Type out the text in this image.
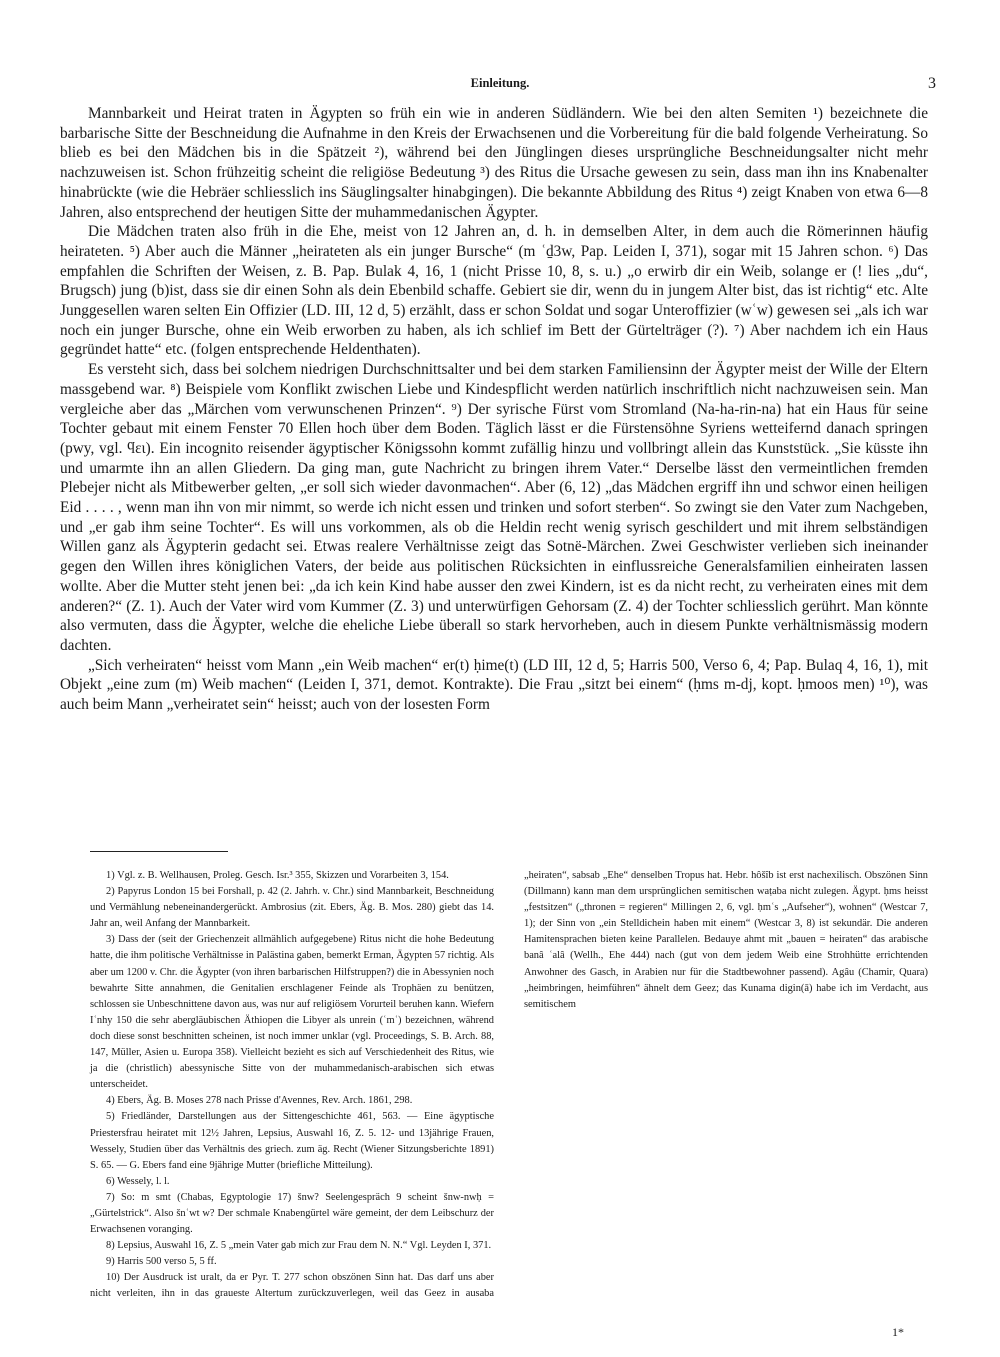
Einleitung.	3

Mannbarkeit und Heirat traten in Ägypten so früh ein wie in anderen Südländern. Wie bei den alten Semiten ¹) bezeichnete die barbarische Sitte der Beschneidung die Aufnahme in den Kreis der Erwachsenen und die Vorbereitung für die bald folgende Verheiratung. So blieb es bei den Mädchen bis in die Spätzeit ²), während bei den Jünglingen dieses ursprüngliche Beschneidungsalter nicht mehr nachzuweisen ist. Schon frühzeitig scheint die religiöse Bedeutung ³) des Ritus die Ursache gewesen zu sein, dass man ihn ins Knabenalter hinabrückte (wie die Hebräer schliesslich ins Säuglingsalter hinabgingen). Die bekannte Abbildung des Ritus ⁴) zeigt Knaben von etwa 6—8 Jahren, also entsprechend der heutigen Sitte der muhammedanischen Ägypter.

Die Mädchen traten also früh in die Ehe, meist von 12 Jahren an, d. h. in demselben Alter, in dem auch die Römerinnen häufig heirateten. ⁵) Aber auch die Männer „heirateten als ein junger Bursche“ (m ʿḏ3w, Pap. Leiden I, 371), sogar mit 15 Jahren schon. ⁶) Das empfahlen die Schriften der Weisen, z. B. Pap. Bulak 4, 16, 1 (nicht Prisse 10, 8, s. u.) „o erwirb dir ein Weib, solange er (! lies „du“, Brugsch) jung (b)ist, dass sie dir einen Sohn als dein Ebenbild schaffe. Gebiert sie dir, wenn du in jungem Alter bist, das ist richtig“ etc. Alte Junggesellen waren selten Ein Offizier (LD. III, 12 d, 5) erzählt, dass er schon Soldat und sogar Unteroffizier (wʿw) gewesen sei „als ich war noch ein junger Bursche, ohne ein Weib erworben zu haben, als ich schlief im Bett der Gürtelträger (?). ⁷) Aber nachdem ich ein Haus gegründet hatte“ etc. (folgen entsprechende Heldenthaten).

Es versteht sich, dass bei solchem niedrigen Durchschnittsalter und bei dem starken Familiensinn der Ägypter meist der Wille der Eltern massgebend war. ⁸) Beispiele vom Konflikt zwischen Liebe und Kindespflicht werden natürlich inschriftlich nicht nachzuweisen sein. Man vergleiche aber das „Märchen vom verwunschenen Prinzen“. ⁹) Der syrische Fürst vom Stromland (Na-ha-rin-na) hat ein Haus für seine Tochter gebaut mit einem Fenster 70 Ellen hoch über dem Boden. Täglich lässt er die Fürstensöhne Syriens wetteifernd danach springen (pwy, vgl. ϥει). Ein incognito reisender ägyptischer Königssohn kommt zufällig hinzu und vollbringt allein das Kunststück. „Sie küsste ihn und umarmte ihn an allen Gliedern. Da ging man, gute Nachricht zu bringen ihrem Vater.“ Derselbe lässt den vermeintlichen fremden Plebejer nicht als Mitbewerber gelten, „er soll sich wieder davonmachen“. Aber (6, 12) „das Mädchen ergriff ihn und schwor einen heiligen Eid . . . . , wenn man ihn von mir nimmt, so werde ich nicht essen und trinken und sofort sterben“. So zwingt sie den Vater zum Nachgeben, und „er gab ihm seine Tochter“. Es will uns vorkommen, als ob die Heldin recht wenig syrisch geschildert und mit ihrem selbständigen Willen ganz als Ägypterin gedacht sei. Etwas realere Verhältnisse zeigt das Sotnë-Märchen. Zwei Geschwister verlieben sich ineinander gegen den Willen ihres königlichen Vaters, der beide aus politischen Rücksichten in einflussreiche Generalsfamilien einheiraten lassen wollte. Aber die Mutter steht jenen bei: „da ich kein Kind habe ausser den zwei Kindern, ist es da nicht recht, zu verheiraten eines mit dem anderen?“ (Z. 1). Auch der Vater wird vom Kummer (Z. 3) und unterwürfigen Gehorsam (Z. 4) der Tochter schliesslich gerührt. Man könnte also vermuten, dass die Ägypter, welche die eheliche Liebe überall so stark hervorheben, auch in diesem Punkte verhältnismässig modern dachten.

„Sich verheiraten“ heisst vom Mann „ein Weib machen“ er(t) ḥime(t) (LD III, 12 d, 5; Harris 500, Verso 6, 4; Pap. Bulaq 4, 16, 1), mit Objekt „eine zum (m) Weib machen“ (Leiden I, 371, demot. Kontrakte). Die Frau „sitzt bei einem“ (ḥms m-dj, kopt. ḥmoos men) ¹⁰), was auch beim Mann „verheiratet sein“ heisst; auch von der losesten Form

1) Vgl. z. B. Wellhausen, Proleg. Gesch. Isr.³ 355, Skizzen und Vorarbeiten 3, 154.

2) Papyrus London 15 bei Forshall, p. 42 (2. Jahrh. v. Chr.) sind Mannbarkeit, Beschneidung und Vermählung nebeneinandergerückt. Ambrosius (zit. Ebers, Äg. B. Mos. 280) giebt das 14. Jahr an, weil Anfang der Mannbarkeit.

3) Dass der (seit der Griechenzeit allmählich aufgegebene) Ritus nicht die hohe Bedeutung hatte, die ihm politische Verhältnisse in Palästina gaben, bemerkt Erman, Ägypten 57 richtig. Als aber um 1200 v. Chr. die Ägypter (von ihren barbarischen Hilfstruppen?) die in Abessynien noch bewahrte Sitte annahmen, die Genitalien erschlagener Feinde als Trophäen zu benützen, schlossen sie Unbeschnittene davon aus, was nur auf religiösem Vorurteil beruhen kann. Wiefern Iʿnhy 150 die sehr abergläubischen Äthiopen die Libyer als unrein (ʿmʿ) bezeichnen, während doch diese sonst beschnitten scheinen, ist noch immer unklar (vgl. Proceedings, S. B. Arch. 88, 147, Müller, Asien u. Europa 358). Vielleicht bezieht es sich auf Verschiedenheit des Ritus, wie ja die (christlich) abessynische Sitte von der muhammedanisch-arabischen sich etwas unterscheidet.

4) Ebers, Äg. B. Moses 278 nach Prisse d'Avennes, Rev. Arch. 1861, 298.

5) Friedländer, Darstellungen aus der Sittengeschichte 461, 563. — Eine ägyptische Priestersfrau heiratet mit 12½ Jahren, Lepsius, Auswahl 16, Z. 5. 12- und 13jährige Frauen, Wessely, Studien über das Verhältnis des griech. zum äg. Recht (Wiener Sitzungsberichte 1891) S. 65. — G. Ebers fand eine 9jährige Mutter (briefliche Mitteilung).

6) Wessely, l. l.

7) So: m smt (Chabas, Egyptologie 17) šnw? Seelengespräch 9 scheint šnw-nwḥ = „Gürtelstrick“. Also šnʿwt w? Der schmale Knabengürtel wäre gemeint, der dem Leibschurz der Erwachsenen voranging.

8) Lepsius, Auswahl 16, Z. 5 „mein Vater gab mich zur Frau dem N. N.“ Vgl. Leyden I, 371.

9) Harris 500 verso 5, 5 ff.

10) Der Ausdruck ist uralt, da er Pyr. T. 277 schon obszönen Sinn hat. Das darf uns aber nicht verleiten, ihn in das graueste Altertum zurückzuverlegen, weil das Geez in ausaba „heiraten“, sabsab „Ehe“ denselben Tropus hat. Hebr. hôšîb ist erst nachexilisch. Obszönen Sinn (Dillmann) kann man dem ursprünglichen semitischen waṭaba nicht zulegen. Ägypt. ḥms heisst „festsitzen“ („thronen = regieren“ Millingen 2, 6, vgl. ḥmʿs „Aufseher“), wohnen“ (Westcar 7, 1); der Sinn von „ein Stelldichein haben mit einem“ (Westcar 3, 8) ist sekundär. Die anderen Hamitensprachen bieten keine Parallelen. Bedauye ahmt mit „bauen = heiraten“ das arabische banâ ʿalâ (Wellh., Ehe 444) nach (gut von dem jedem Weib eine Strohhütte errichtenden Anwohner des Gasch, in Arabien nur für die Stadtbewohner passend). Agâu (Chamir, Quara) „heimbringen, heimführen“ ähnelt dem Geez; das Kunama digin(ā) habe ich im Verdacht, aus semitischem

1*
